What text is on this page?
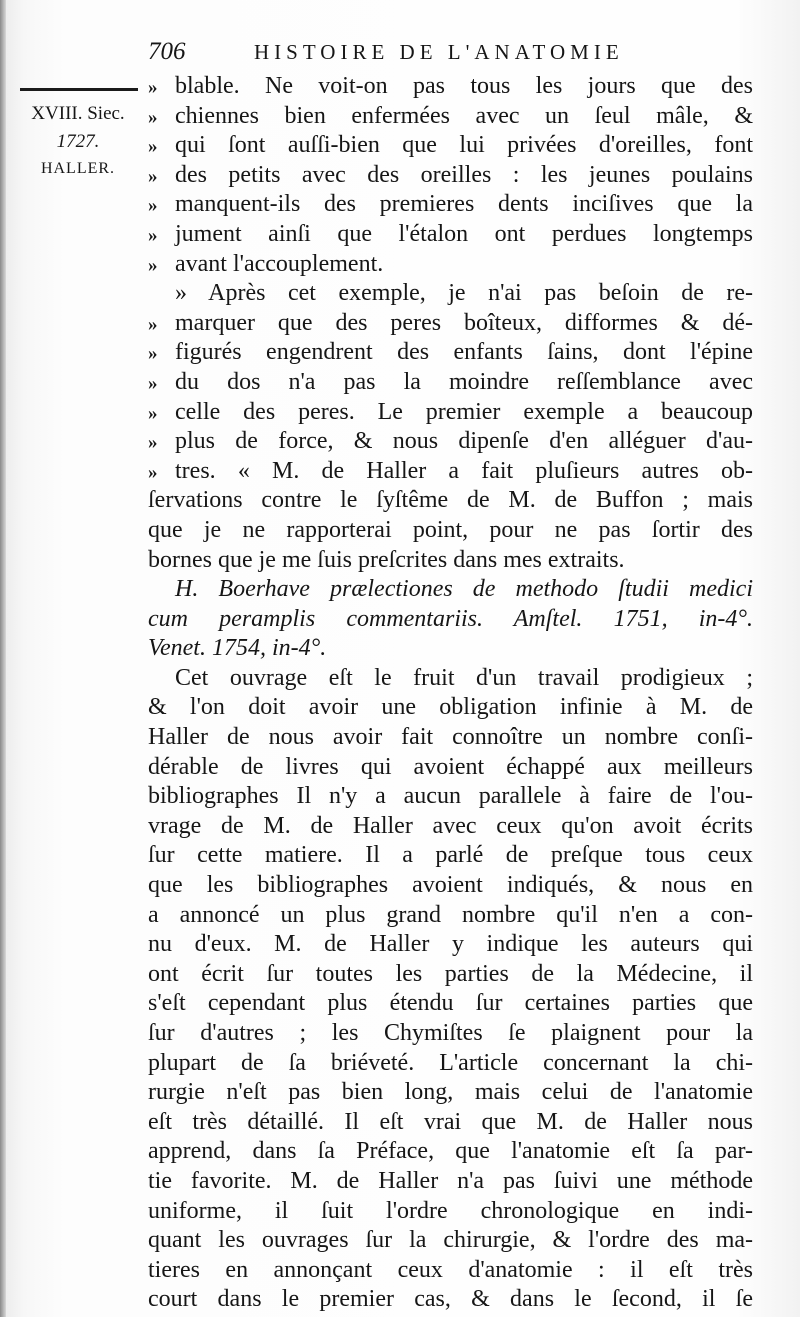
706	HISTOIRE DE L'ANATOMIE
XVIII. Siec.
1727.
HALLER.
» blable. Ne voit-on pas tous les jours que des
» chiennes bien enfermées avec un ſeul mâle, &
» qui ſont auſſi-bien que lui privées d'oreilles, font
» des petits avec des oreilles : les jeunes poulains
» manquent-ils des premieres dents inciſives que la
» jument ainſi que l'étalon ont perdues longtemps
» avant l'accouplement.
» Après cet exemple, je n'ai pas beſoin de re-
» marquer que des peres boîteux, difformes & dé-
» figurés engendrent des enfants ſains, dont l'épine
» du dos n'a pas la moindre reſſemblance avec
» celle des peres. Le premier exemple a beaucoup
» plus de force, & nous dipenſe d'en alléguer d'au-
» tres. « M. de Haller a fait pluſieurs autres ob-
ſervations contre le ſyſtême de M. de Buffon ; mais
que je ne rapporterai point, pour ne pas ſortir des
bornes que je me ſuis preſcrites dans mes extraits.
H. Boerhave prælectiones de methodo ſtudii medici
cum peramplis commentariis. Amſtel. 1751, in-4°.
Venet. 1754, in-4°.
Cet ouvrage eſt le fruit d'un travail prodigieux ;
& l'on doit avoir une obligation infinie à M. de
Haller de nous avoir fait connoître un nombre conſi-
dérable de livres qui avoient échappé aux meilleurs
bibliographes Il n'y a aucun parallele à faire de l'ou-
vrage de M. de Haller avec ceux qu'on avoit écrits
ſur cette matiere. Il a parlé de preſque tous ceux
que les bibliographes avoient indiqués, & nous en
a annoncé un plus grand nombre qu'il n'en a con-
nu d'eux. M. de Haller y indique les auteurs qui
ont écrit ſur toutes les parties de la Médecine, il
s'eſt cependant plus étendu ſur certaines parties que
ſur d'autres ; les Chymiſtes ſe plaignent pour la
plupart de ſa briéveté. L'article concernant la chi-
rurgie n'eſt pas bien long, mais celui de l'anatomie
eſt très détaillé. Il eſt vrai que M. de Haller nous
apprend, dans ſa Préface, que l'anatomie eſt ſa par-
tie favorite. M. de Haller n'a pas ſuivi une méthode
uniforme, il ſuit l'ordre chronologique en indi-
quant les ouvrages ſur la chirurgie, & l'ordre des ma-
tieres en annonçant ceux d'anatomie : il eſt très
court dans le premier cas, & dans le ſecond, il ſe
